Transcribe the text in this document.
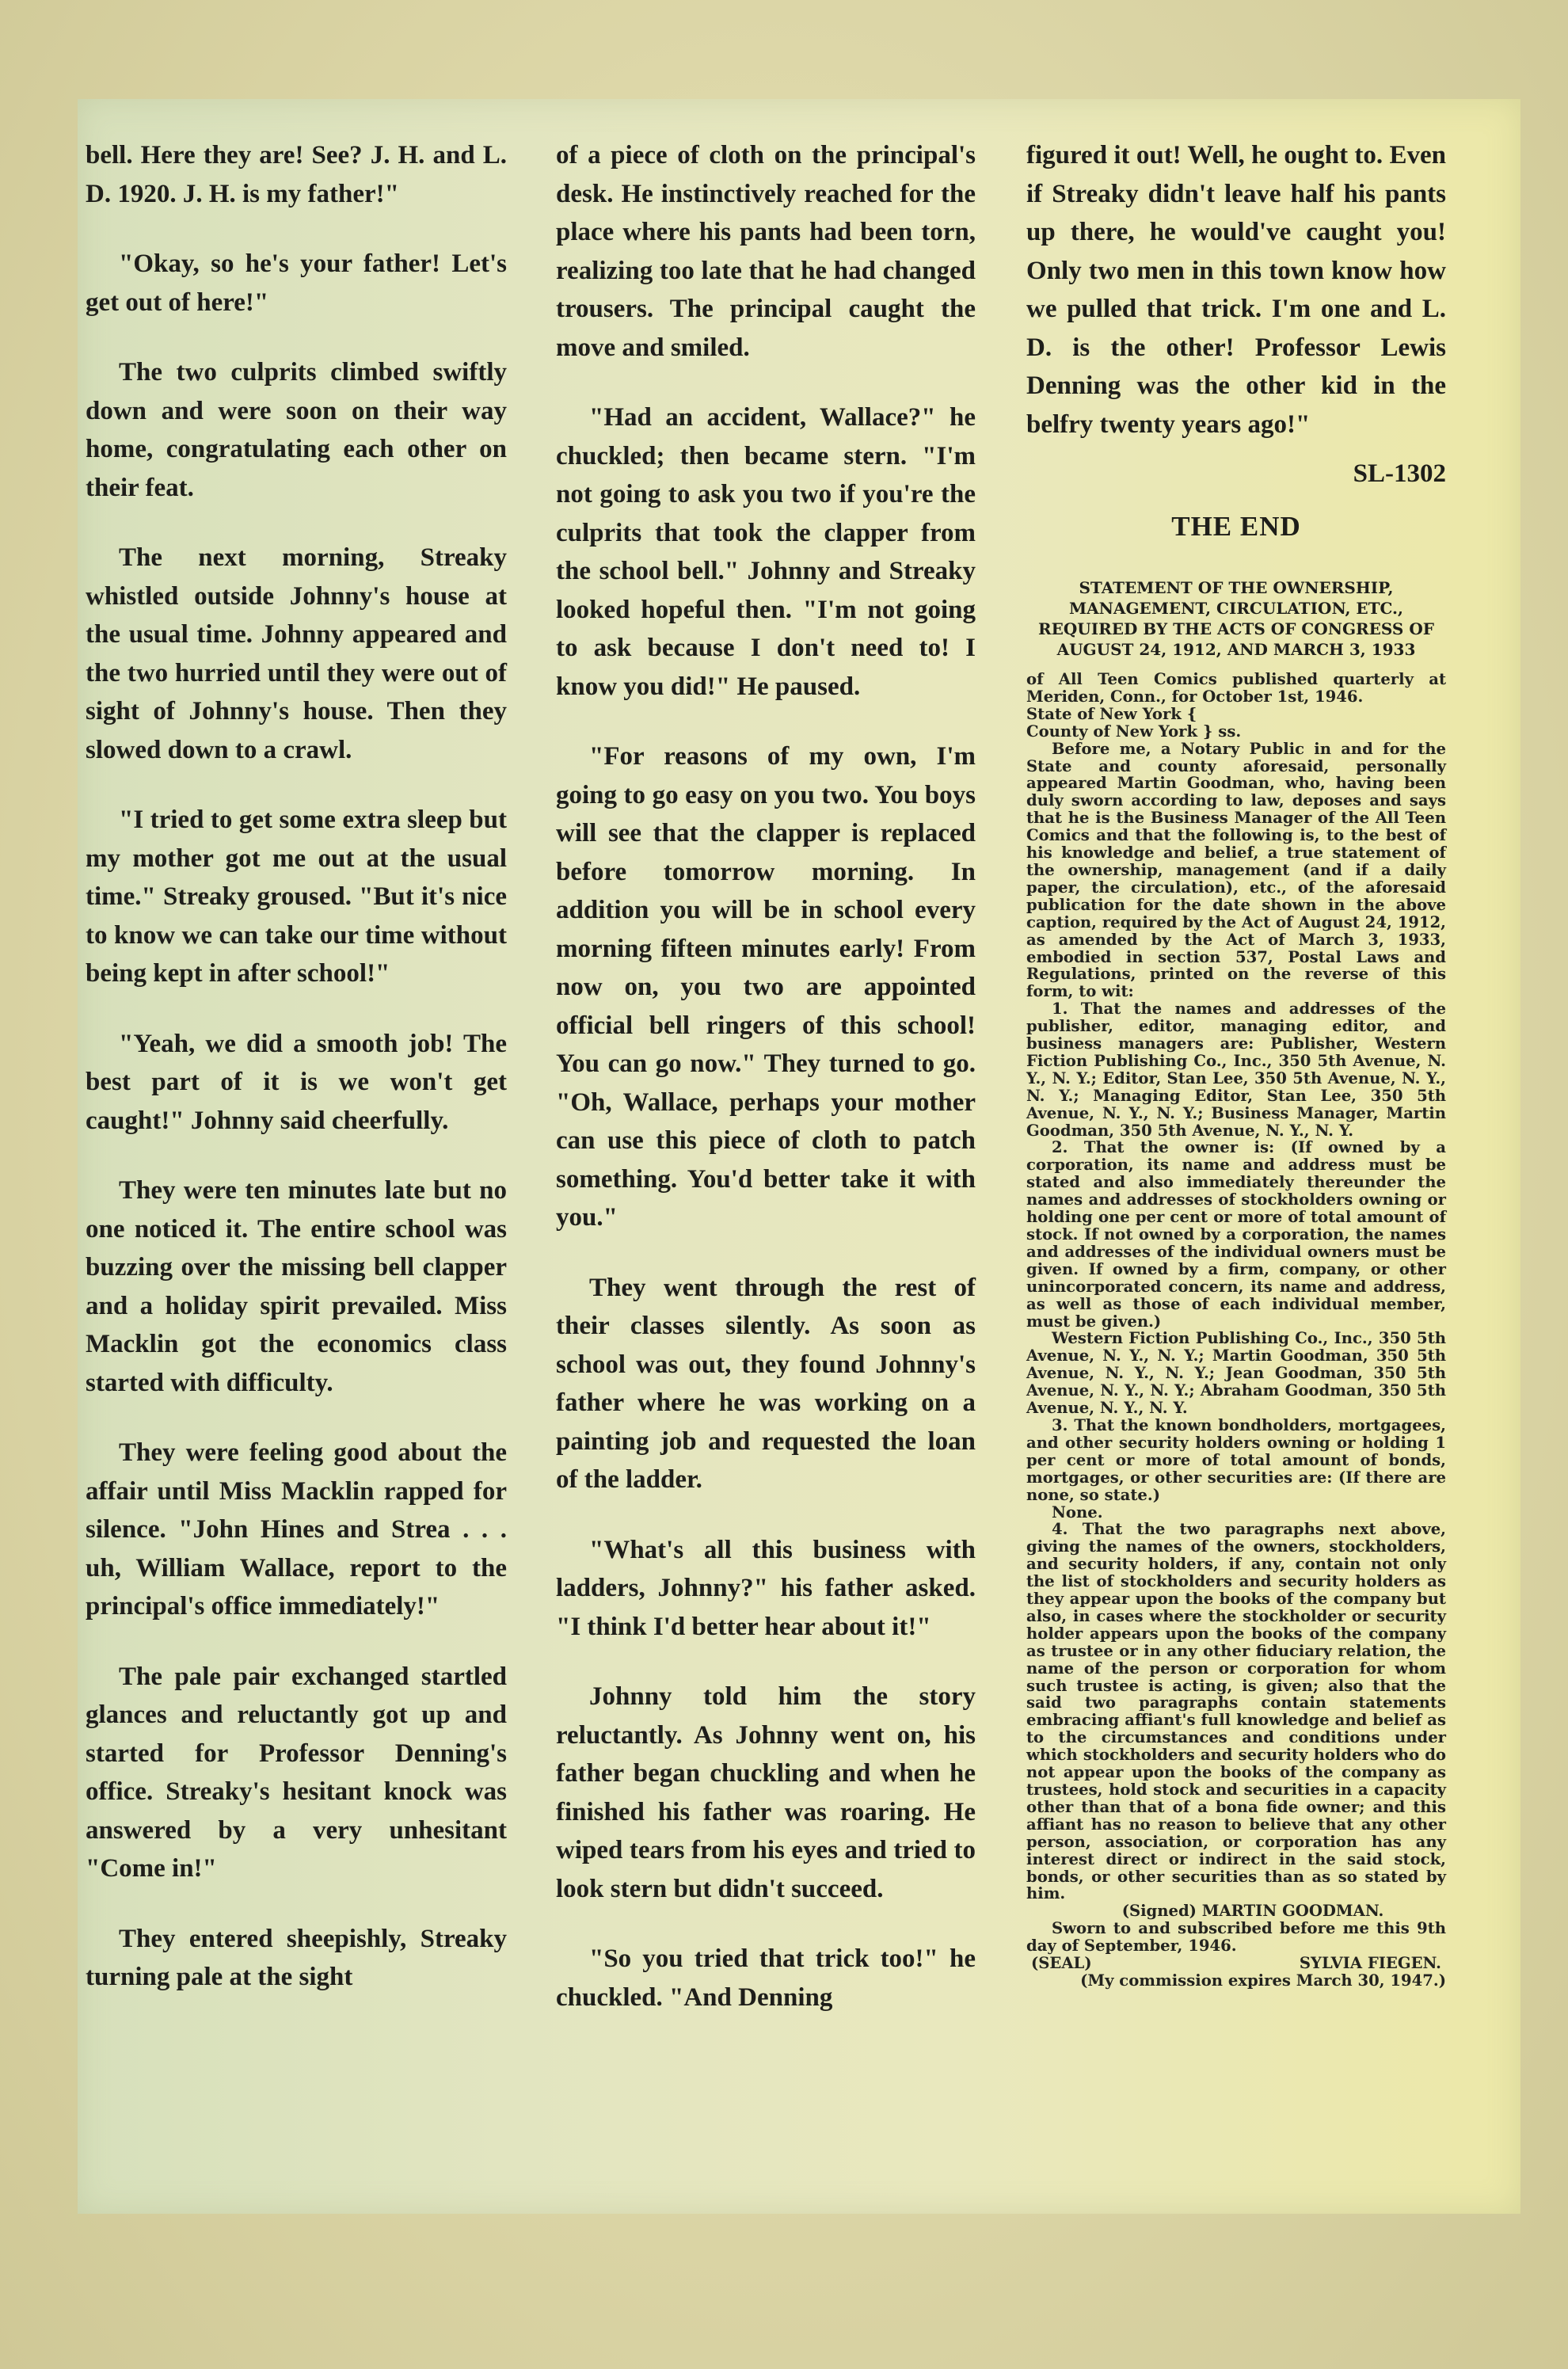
bell. Here they are! See? J. H. and L. D. 1920. J. H. is my father!"

"Okay, so he's your father! Let's get out of here!"

The two culprits climbed swiftly down and were soon on their way home, congratulating each other on their feat.

The next morning, Streaky whistled outside Johnny's house at the usual time. Johnny appeared and the two hurried until they were out of sight of Johnny's house. Then they slowed down to a crawl.

"I tried to get some extra sleep but my mother got me out at the usual time." Streaky groused. "But it's nice to know we can take our time without being kept in after school!"

"Yeah, we did a smooth job! The best part of it is we won't get caught!" Johnny said cheerfully.

They were ten minutes late but no one noticed it. The entire school was buzzing over the missing bell clapper and a holiday spirit prevailed. Miss Macklin got the economics class started with difficulty.

They were feeling good about the affair until Miss Macklin rapped for silence. "John Hines and Strea . . . uh, William Wallace, report to the principal's office immediately!"

The pale pair exchanged startled glances and reluctantly got up and started for Professor Denning's office. Streaky's hesitant knock was answered by a very unhesitant "Come in!"

They entered sheepishly, Streaky turning pale at the sight

of a piece of cloth on the principal's desk. He instinctively reached for the place where his pants had been torn, realizing too late that he had changed trousers. The principal caught the move and smiled.

"Had an accident, Wallace?" he chuckled; then became stern. "I'm not going to ask you two if you're the culprits that took the clapper from the school bell." Johnny and Streaky looked hopeful then. "I'm not going to ask because I don't need to! I know you did!" He paused.

"For reasons of my own, I'm going to go easy on you two. You boys will see that the clapper is replaced before tomorrow morning. In addition you will be in school every morning fifteen minutes early! From now on, you two are appointed official bell ringers of this school! You can go now." They turned to go. "Oh, Wallace, perhaps your mother can use this piece of cloth to patch something. You'd better take it with you."

They went through the rest of their classes silently. As soon as school was out, they found Johnny's father where he was working on a painting job and requested the loan of the ladder.

"What's all this business with ladders, Johnny?" his father asked. "I think I'd better hear about it!"

Johnny told him the story reluctantly. As Johnny went on, his father began chuckling and when he finished his father was roaring. He wiped tears from his eyes and tried to look stern but didn't succeed.

"So you tried that trick too!" he chuckled. "And Denning

figured it out! Well, he ought to. Even if Streaky didn't leave half his pants up there, he would've caught you! Only two men in this town know how we pulled that trick. I'm one and L. D. is the other! Professor Lewis Denning was the other kid in the belfry twenty years ago!"

SL-1302
THE END
STATEMENT OF THE OWNERSHIP, MANAGEMENT, CIRCULATION, ETC., REQUIRED BY THE ACTS OF CONGRESS OF AUGUST 24, 1912, AND MARCH 3, 1933

of All Teen Comics published quarterly at Meriden, Conn., for October 1st, 1946.

State of New York {

County of New York } ss.

Before me, a Notary Public in and for the State and county aforesaid, personally appeared Martin Goodman, who, having been duly sworn according to law, deposes and says that he is the Business Manager of the All Teen Comics and that the following is, to the best of his knowledge and belief, a true statement of the ownership, management (and if a daily paper, the circulation), etc., of the aforesaid publication for the date shown in the above caption, required by the Act of August 24, 1912, as amended by the Act of March 3, 1933, embodied in section 537, Postal Laws and Regulations, printed on the reverse of this form, to wit:

1. That the names and addresses of the publisher, editor, managing editor, and business managers are: Publisher, Western Fiction Publishing Co., Inc., 350 5th Avenue, N. Y., N. Y.; Editor, Stan Lee, 350 5th Avenue, N. Y., N. Y.; Managing Editor, Stan Lee, 350 5th Avenue, N. Y., N. Y.; Business Manager, Martin Goodman, 350 5th Avenue, N. Y., N. Y.

2. That the owner is: (If owned by a corporation, its name and address must be stated and also immediately thereunder the names and addresses of stockholders owning or holding one per cent or more of total amount of stock. If not owned by a corporation, the names and addresses of the individual owners must be given. If owned by a firm, company, or other unincorporated concern, its name and address, as well as those of each individual member, must be given.)

Western Fiction Publishing Co., Inc., 350 5th Avenue, N. Y., N. Y.; Martin Goodman, 350 5th Avenue, N. Y., N. Y.; Jean Goodman, 350 5th Avenue, N. Y., N. Y.; Abraham Goodman, 350 5th Avenue, N. Y., N. Y.

3. That the known bondholders, mortgagees, and other security holders owning or holding 1 per cent or more of total amount of bonds, mortgages, or other securities are: (If there are none, so state.)

None.

4. That the two paragraphs next above, giving the names of the owners, stockholders, and security holders, if any, contain not only the list of stockholders and security holders as they appear upon the books of the company but also, in cases where the stockholder or security holder appears upon the books of the company as trustee or in any other fiduciary relation, the name of the person or corporation for whom such trustee is acting, is given; also that the said two paragraphs contain statements embracing affiant's full knowledge and belief as to the circumstances and conditions under which stockholders and security holders who do not appear upon the books of the company as trustees, hold stock and securities in a capacity other than that of a bona fide owner; and this affiant has no reason to believe that any other person, association, or corporation has any interest direct or indirect in the said stock, bonds, or other securities than as so stated by him.

(Signed) MARTIN GOODMAN.

Sworn to and subscribed before me this 9th day of September, 1946.

(SEAL)	SYLVIA FIEGEN.

(My commission expires March 30, 1947.)
